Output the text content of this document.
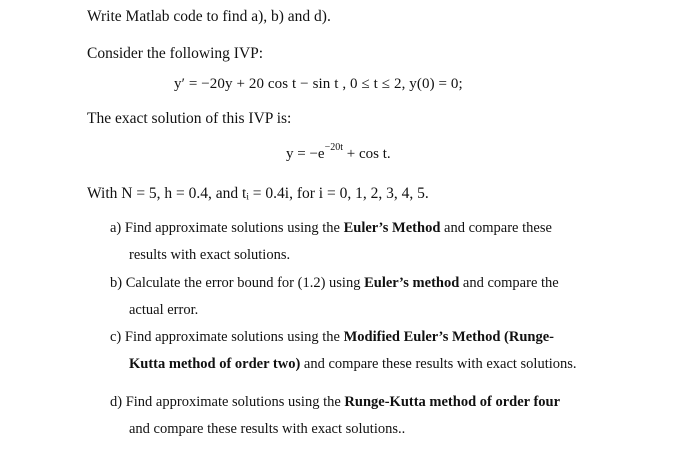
Write Matlab code to find a), b) and d).
Consider the following IVP:
y′ = −20y + 20 cos t − sin t , 0 ≤ t ≤ 2, y(0) = 0;
The exact solution of this IVP is:
$y = -e^{-20t} + \cos t$.
With N = 5, h = 0.4, and tᵢ = 0.4i, for i = 0, 1, 2, 3, 4, 5.
a) Find approximate solutions using the Euler’s Method and compare these
results with exact solutions.
b) Calculate the error bound for (1.2) using Euler’s method and compare the
actual error.
c) Find approximate solutions using the Modified Euler’s Method (Runge-
Kutta method of order two) and compare these results with exact solutions.
d) Find approximate solutions using the Runge-Kutta method of order four
and compare these results with exact solutions..
